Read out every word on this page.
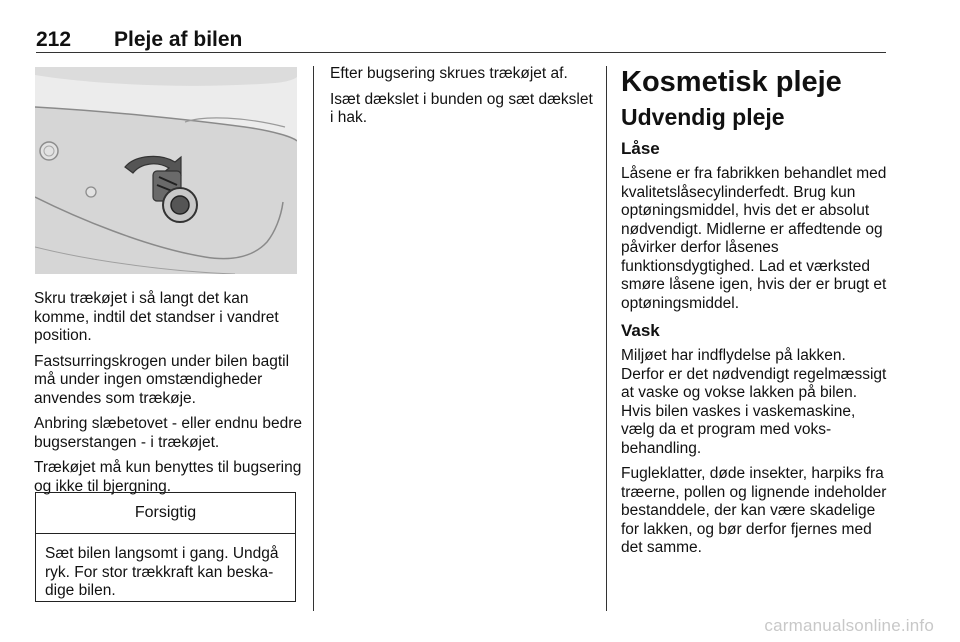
212 Pleje af bilen

Skru trækøjet i så langt det kan komme, indtil det standser i vandret position.

Fastsurringskrogen under bilen bagtil må under ingen omstændigheder anvendes som trækøje.

Anbring slæbetovet - eller endnu bedre bugserstangen - i trækøjet.

Trækøjet må kun benyttes til bugsering og ikke til bjergning.

Forsigtig
Sæt bilen langsomt i gang. Undgå ryk. For stor trækkraft kan beskadige bilen.

Efter bugsering skrues trækøjet af.

Isæt dækslet i bunden og sæt dækslet i hak.

Kosmetisk pleje
Udvendig pleje
Låse

Låsene er fra fabrikken behandlet med kvalitetslåsecylinderfedt. Brug kun optøningsmiddel, hvis det er absolut nødvendigt. Midlerne er affedtende og påvirker derfor låsenes funktionsdygtighed. Lad et værksted smøre låsene igen, hvis der er brugt et optøningsmiddel.

Vask

Miljøet har indflydelse på lakken. Derfor er det nødvendigt regelmæssigt at vaske og vokse lakken på bilen. Hvis bilen vaskes i vaskemaskine, vælg da et program med voksbehandling.

Fugleklatter, døde insekter, harpiks fra træerne, pollen og lignende indeholder bestanddele, der kan være skadelige for lakken, og bør derfor fjernes med det samme.

carmanualsonline.info
